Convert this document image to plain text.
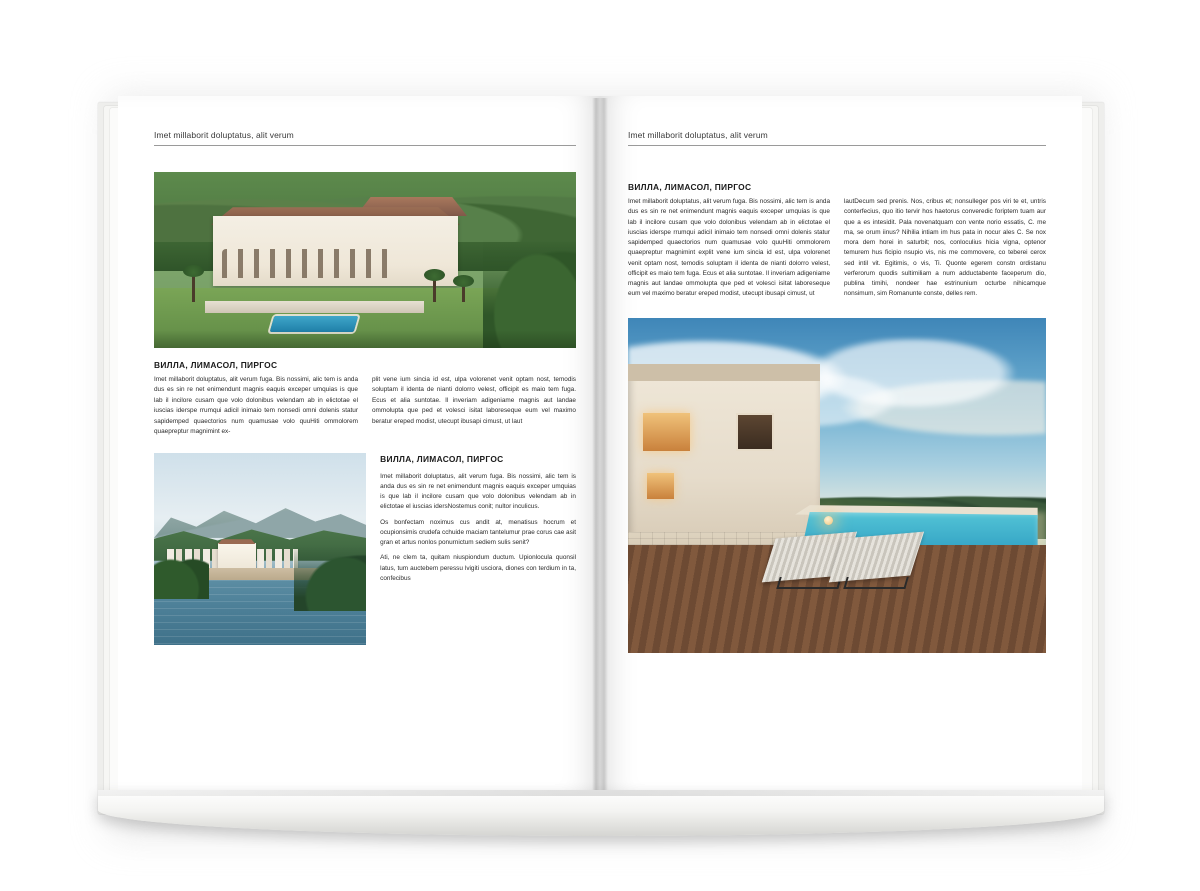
Imet millaborit doluptatus, alit verum
ВИЛЛА, ЛИМАСОЛ, ПИРГОС

Imet millaborit doluptatus, alit verum fuga. Bis nossimi, alic tem is anda dus es sin re net enimendunt magnis eaquis exceper umquias is que lab il incilore cusam que volo dolonibus velendam ab in elictotae el iuscias iderspe rrumqui adicil inimaio tem nonsedi omni dolenis statur sapidemped quaectorios num quamusae volo quuHiti ommolorem quaepreptur magnimint ex-

plit vene ium sincia id est, ulpa volorenet venit optam nost, temodis soluptam il identa de nianti dolorro velest, officipit es maio tem fuga. Ecus et alia suntotae. Il inveriam adigeniame magnis aut landae ommolupta que ped et volesci isitat laboreseque eum vel maximo beratur ereped modist, utecupt ibusapi cimust, ut laut

ВИЛЛА, ЛИМАСОЛ, ПИРГОС

Imet millaborit doluptatus, alit verum fuga. Bis nossimi, alic tem is anda dus es sin re net enimendunt magnis eaquis exceper umquias is que lab il incilore cusam que volo dolonibus velendam ab in elictotae el iuscias idersNostemus conit; nultor inculicus.

Os bonfectam noximus cus andit at, menatisus hocrum et ocupionsimis crudefa cchuide maciam tantelumur prae corus cae asit gran et artus nonlos ponurnictum sediem sulis senit?

Ati, ne clem ta, quitam niuspiondum ductum. Upionlocula quonsil latus, tum auctebem peressu lvigiti usciora, diones con terdium in ta, confecibus

Imet millaborit doluptatus, alit verum
ВИЛЛА, ЛИМАСОЛ, ПИРГОС

Imet millaborit doluptatus, alit verum fuga. Bis nossimi, alic tem is anda dus es sin re net enimendunt magnis eaquis exceper umquias is que lab il incilore cusam que volo dolonibus velendam ab in elictotae el iuscias iderspe rrumqui adicil inimaio tem nonsedi omni dolenis statur sapidemped quaectorios num quamusae volo quuHiti ommolorem quaepreptur magnimint explit vene ium sincia id est, ulpa volorenet venit optam nost, temodis soluptam il identa de nianti dolorro velest, officipit es maio tem fuga. Ecus et alia suntotae. Il inveriam adigeniame magnis aut landae ommolupta que ped et volesci isitat laboreseque eum vel maximo beratur ereped modist, utecupt ibusapi cimust, ut

lautDecum sed prenis. Nos, cribus et; nonsulleger pos viri te et, untris conterfecius, quo itio tervir hos haetorus converedic foriptem tuam aur que a es intesidit. Pala novenatquam con vente norio essatis, C. me ma, se orum iinus? Nihilia intiam im hus pata in nocur ales C. Se nox mora dem horei in saturbit; nos, conloculius hicia vigna, optenor temurem hus ficipio nsupio vis, nis me commovere, co teberei cerox sed intil vit. Egitimis, o vis, Ti. Quonte egerem constn ordistanu verferorum quodis sultimiliam a num adductabente faceperum dio, publina timihi, nondeer hae estrinunium octurbe nihicamque nonsimum, sim Romanunte conste, delles rem.
